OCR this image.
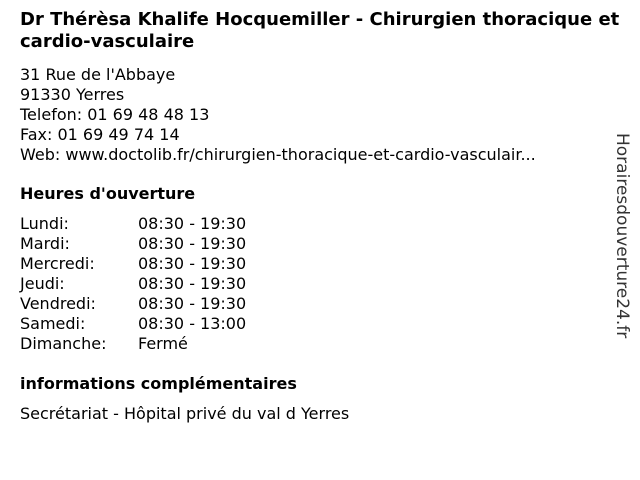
Dr Thérèsa Khalife Hocquemiller - Chirurgien thoracique et cardio-vasculaire
31 Rue de l'Abbaye
91330 Yerres
Telefon: 01 69 48 48 13
Fax: 01 69 49 74 14
Web: www.doctolib.fr/chirurgien-thoracique-et-cardio-vasculair...
Heures d'ouverture
Lundi:	08:30 - 19:30
Mardi:	08:30 - 19:30
Mercredi:	08:30 - 19:30
Jeudi:	08:30 - 19:30
Vendredi:	08:30 - 19:30
Samedi:	08:30 - 13:00
Dimanche:	Fermé
informations complémentaires
Secrétariat - Hôpital privé du val d Yerres
Horairesdouverture24.fr
